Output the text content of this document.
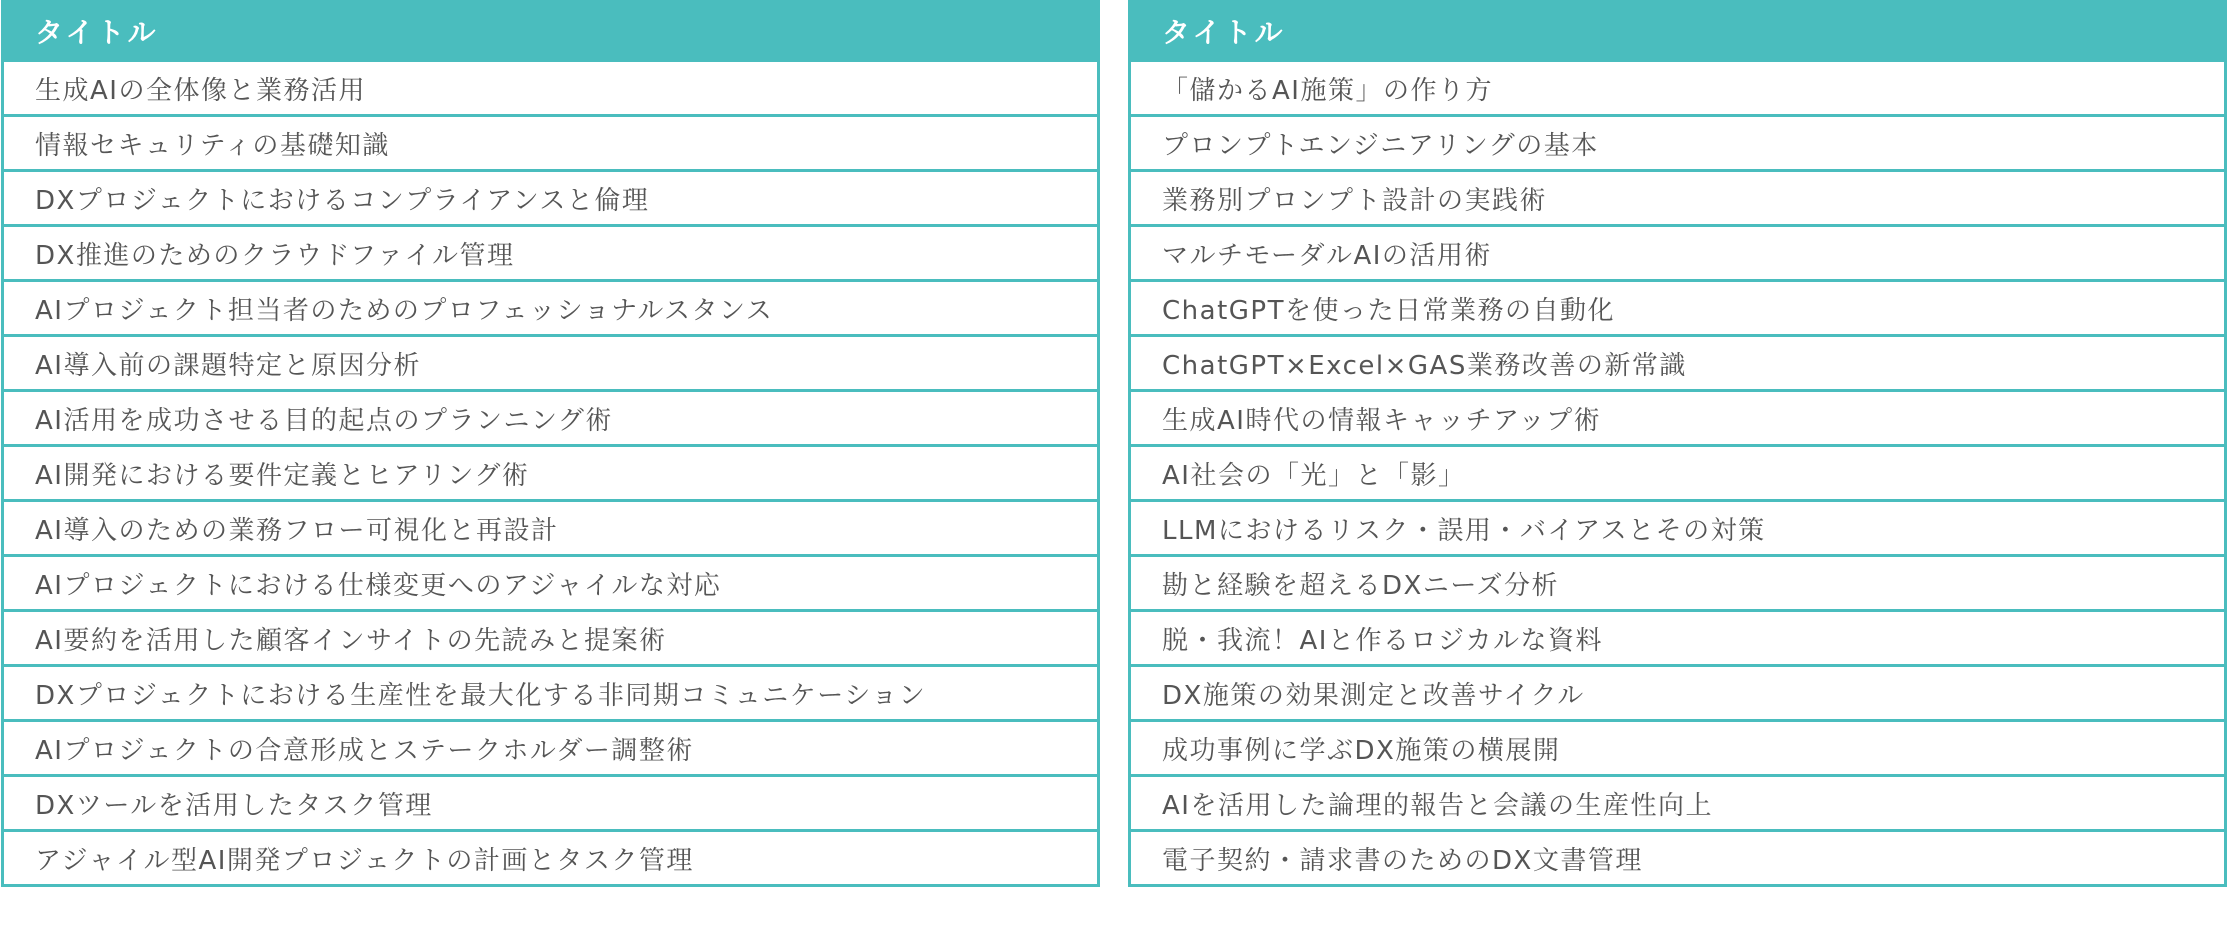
タイトル
生成AIの全体像と業務活用
情報セキュリティの基礎知識
DXプロジェクトにおけるコンプライアンスと倫理
DX推進のためのクラウドファイル管理
AIプロジェクト担当者のためのプロフェッショナルスタンス
AI導入前の課題特定と原因分析
AI活用を成功させる目的起点のプランニング術
AI開発における要件定義とヒアリング術
AI導入のための業務フロー可視化と再設計
AIプロジェクトにおける仕様変更へのアジャイルな対応
AI要約を活用した顧客インサイトの先読みと提案術
DXプロジェクトにおける生産性を最大化する非同期コミュニケーション
AIプロジェクトの合意形成とステークホルダー調整術
DXツールを活用したタスク管理
アジャイル型AI開発プロジェクトの計画とタスク管理
タイトル
「儲かるAI施策」の作り方
プロンプトエンジニアリングの基本
業務別プロンプト設計の実践術
マルチモーダルAIの活用術
ChatGPTを使った日常業務の自動化
ChatGPT×Excel×GAS業務改善の新常識
生成AI時代の情報キャッチアップ術
AI社会の「光」と「影」
LLMにおけるリスク・誤用・バイアスとその対策
勘と経験を超えるDXニーズ分析
脱・我流！AIと作るロジカルな資料
DX施策の効果測定と改善サイクル
成功事例に学ぶDX施策の横展開
AIを活用した論理的報告と会議の生産性向上
電子契約・請求書のためのDX文書管理
